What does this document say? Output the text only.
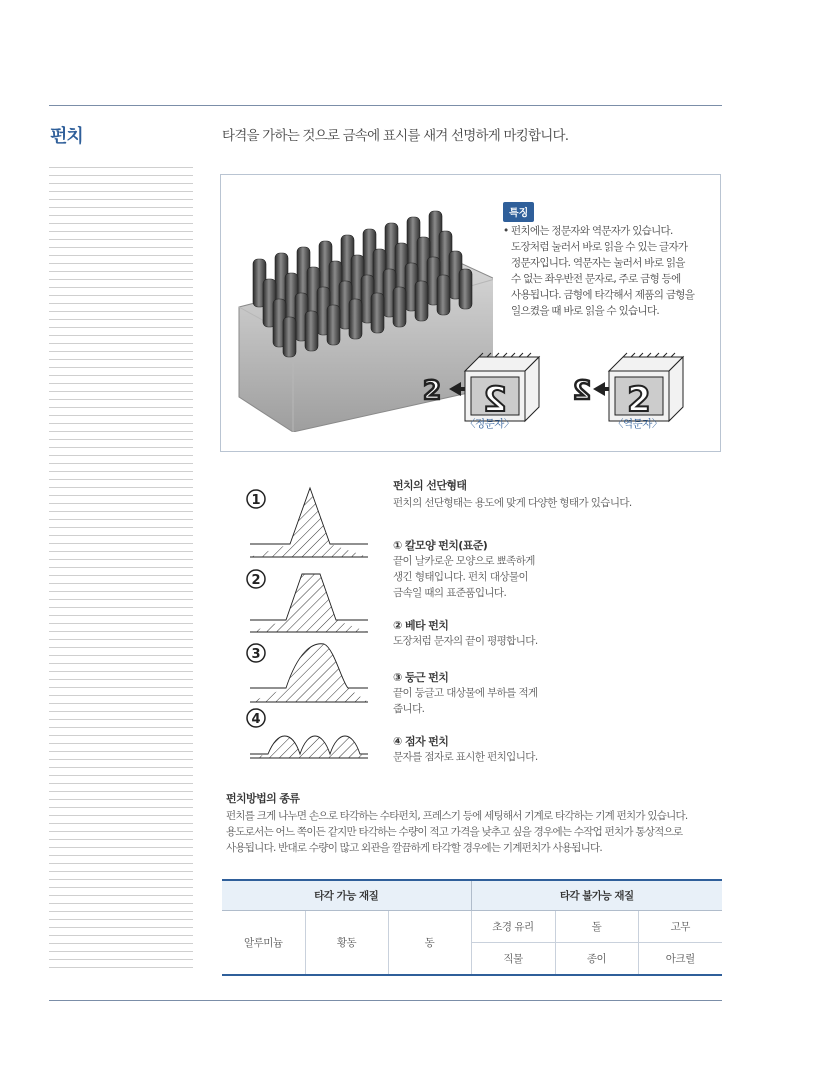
펀치	타격을 가하는 것으로 금속에 표시를 새겨 선명하게 마킹합니다.
특징
• 펀치에는 정문자와 역문자가 있습니다.
도장처럼 눌러서 바로 읽을 수 있는 글자가
정문자입니다. 역문자는 눌러서 바로 읽을
수 없는 좌우반전 문자로, 주로 금형 등에
사용됩니다. 금형에 타각해서 제품의 금형을
일으켰을 때 바로 읽을 수 있습니다.
2 2	2 2
〈정문자〉	〈역문자〉
1
2
3
4
펀치의 선단형태
펀치의 선단형태는 용도에 맞게 다양한 형태가 있습니다.
① 칼모양 펀치(표준)
끝이 날카로운 모양으로 뾰족하게
생긴 형태입니다. 펀치 대상물이
금속일 때의 표준품입니다.
② 베타 펀치
도장처럼 문자의 끝이 평평합니다.
③ 둥근 펀치
끝이 둥글고 대상물에 부하를 적게
줍니다.
④ 점자 펀치
문자를 점자로 표시한 펀치입니다.
펀치방법의 종류
펀치를 크게 나누면 손으로 타각하는 수타펀치, 프레스기 등에 세팅해서 기계로 타각하는 기계 펀치가 있습니다.
용도로서는 어느 쪽이든 같지만 타각하는 수량이 적고 가격을 낮추고 싶을 경우에는 수작업 펀치가 통상적으로
사용됩니다. 반대로 수량이 많고 외관을 깔끔하게 타각할 경우에는 기계펀치가 사용됩니다.
타각 가능 재질			타각 불가능 재질		
알루미늄	황동	동	초경 유리	돌	고무
			직물	종이	아크릴
